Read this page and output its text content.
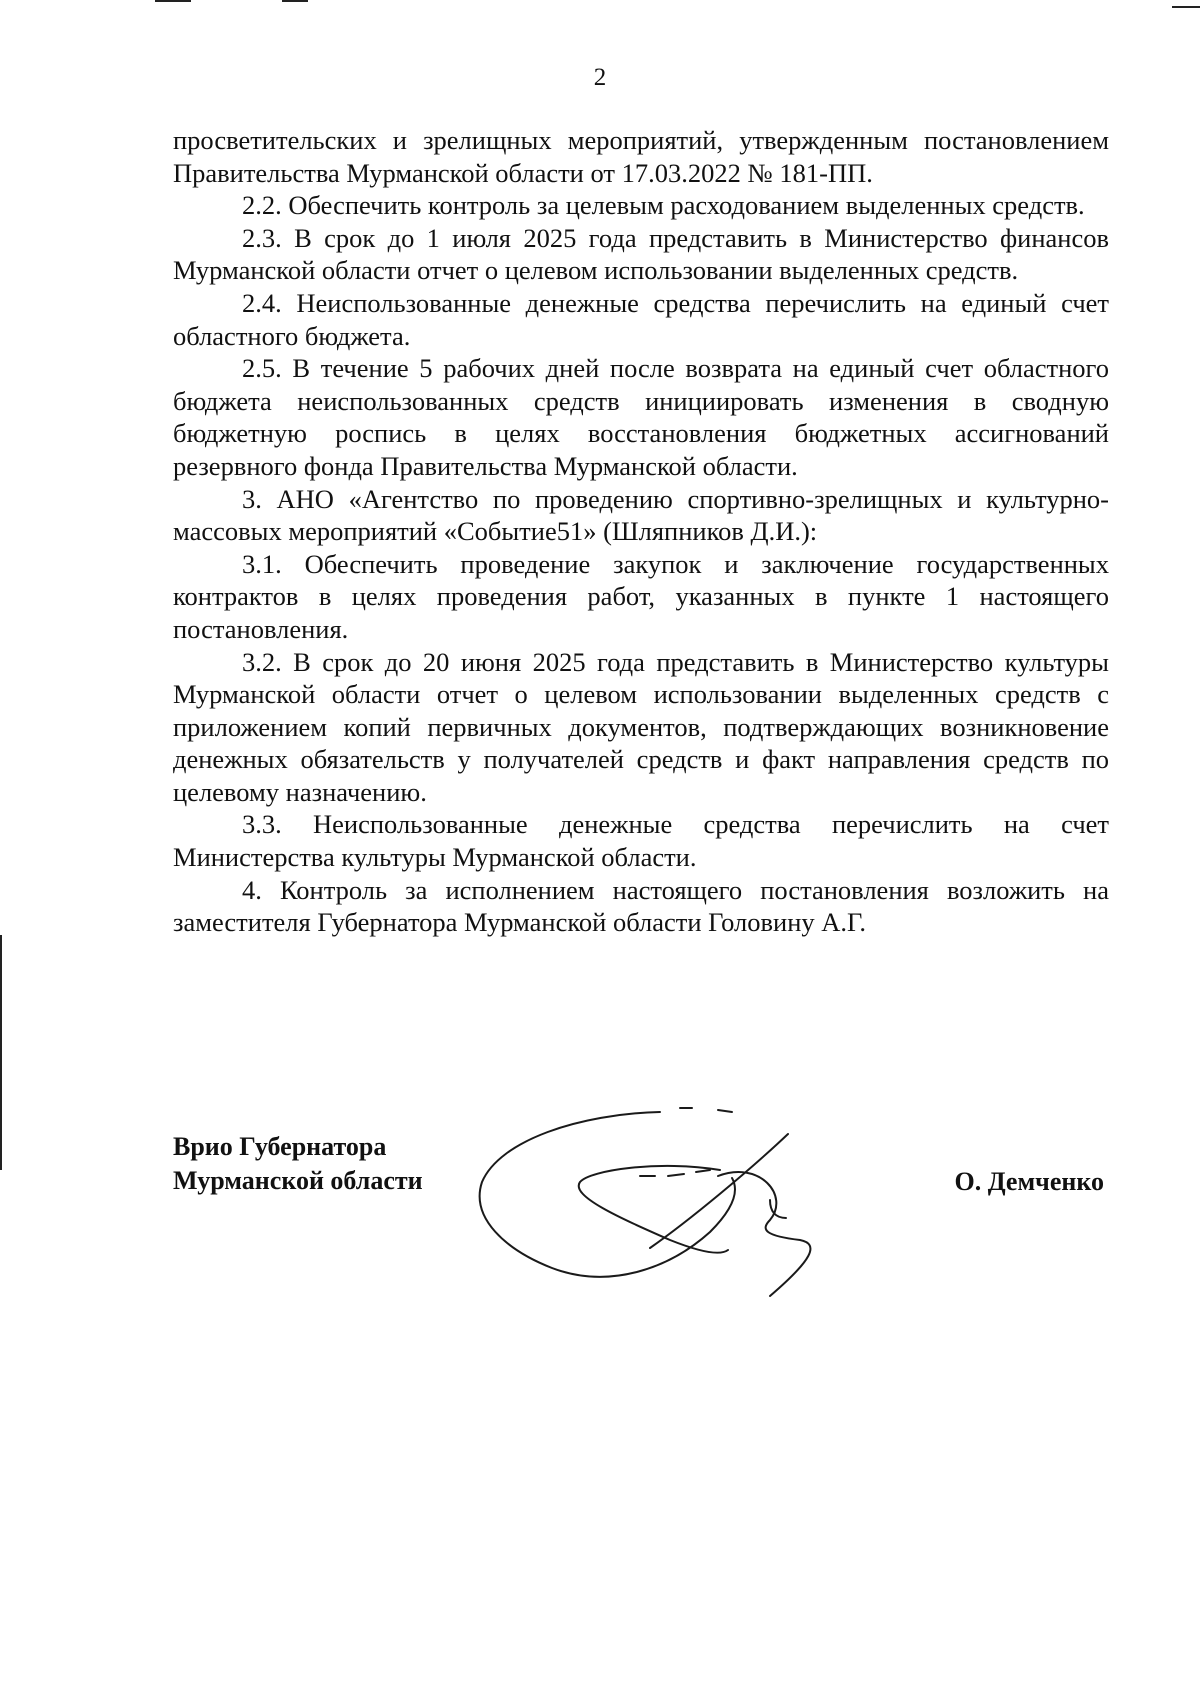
2

просветительских и зрелищных мероприятий, утвержденным постановлением Правительства Мурманской области от 17.03.2022 № 181-ПП.

2.2. Обеспечить контроль за целевым расходованием выделенных средств.

2.3. В срок до 1 июля 2025 года представить в Министерство финансов Мурманской области отчет о целевом использовании выделенных средств.

2.4. Неиспользованные денежные средства перечислить на единый счет областного бюджета.

2.5. В течение 5 рабочих дней после возврата на единый счет областного бюджета неиспользованных средств инициировать изменения в сводную бюджетную роспись в целях восстановления бюджетных ассигнований резервного фонда Правительства Мурманской области.

3. АНО «Агентство по проведению спортивно-зрелищных и культурно-массовых мероприятий «Событие51» (Шляпников Д.И.):

3.1. Обеспечить проведение закупок и заключение государственных контрактов в целях проведения работ, указанных в пункте 1 настоящего постановления.

3.2. В срок до 20 июня 2025 года представить в Министерство культуры Мурманской области отчет о целевом использовании выделенных средств с приложением копий первичных документов, подтверждающих возникновение денежных обязательств у получателей средств и факт направления средств по целевому назначению.

3.3. Неиспользованные денежные средства перечислить на счет Министерства культуры Мурманской области.

4. Контроль за исполнением настоящего постановления возложить на заместителя Губернатора Мурманской области Головину А.Г.

Врио Губернатора
Мурманской области	О. Демченко
